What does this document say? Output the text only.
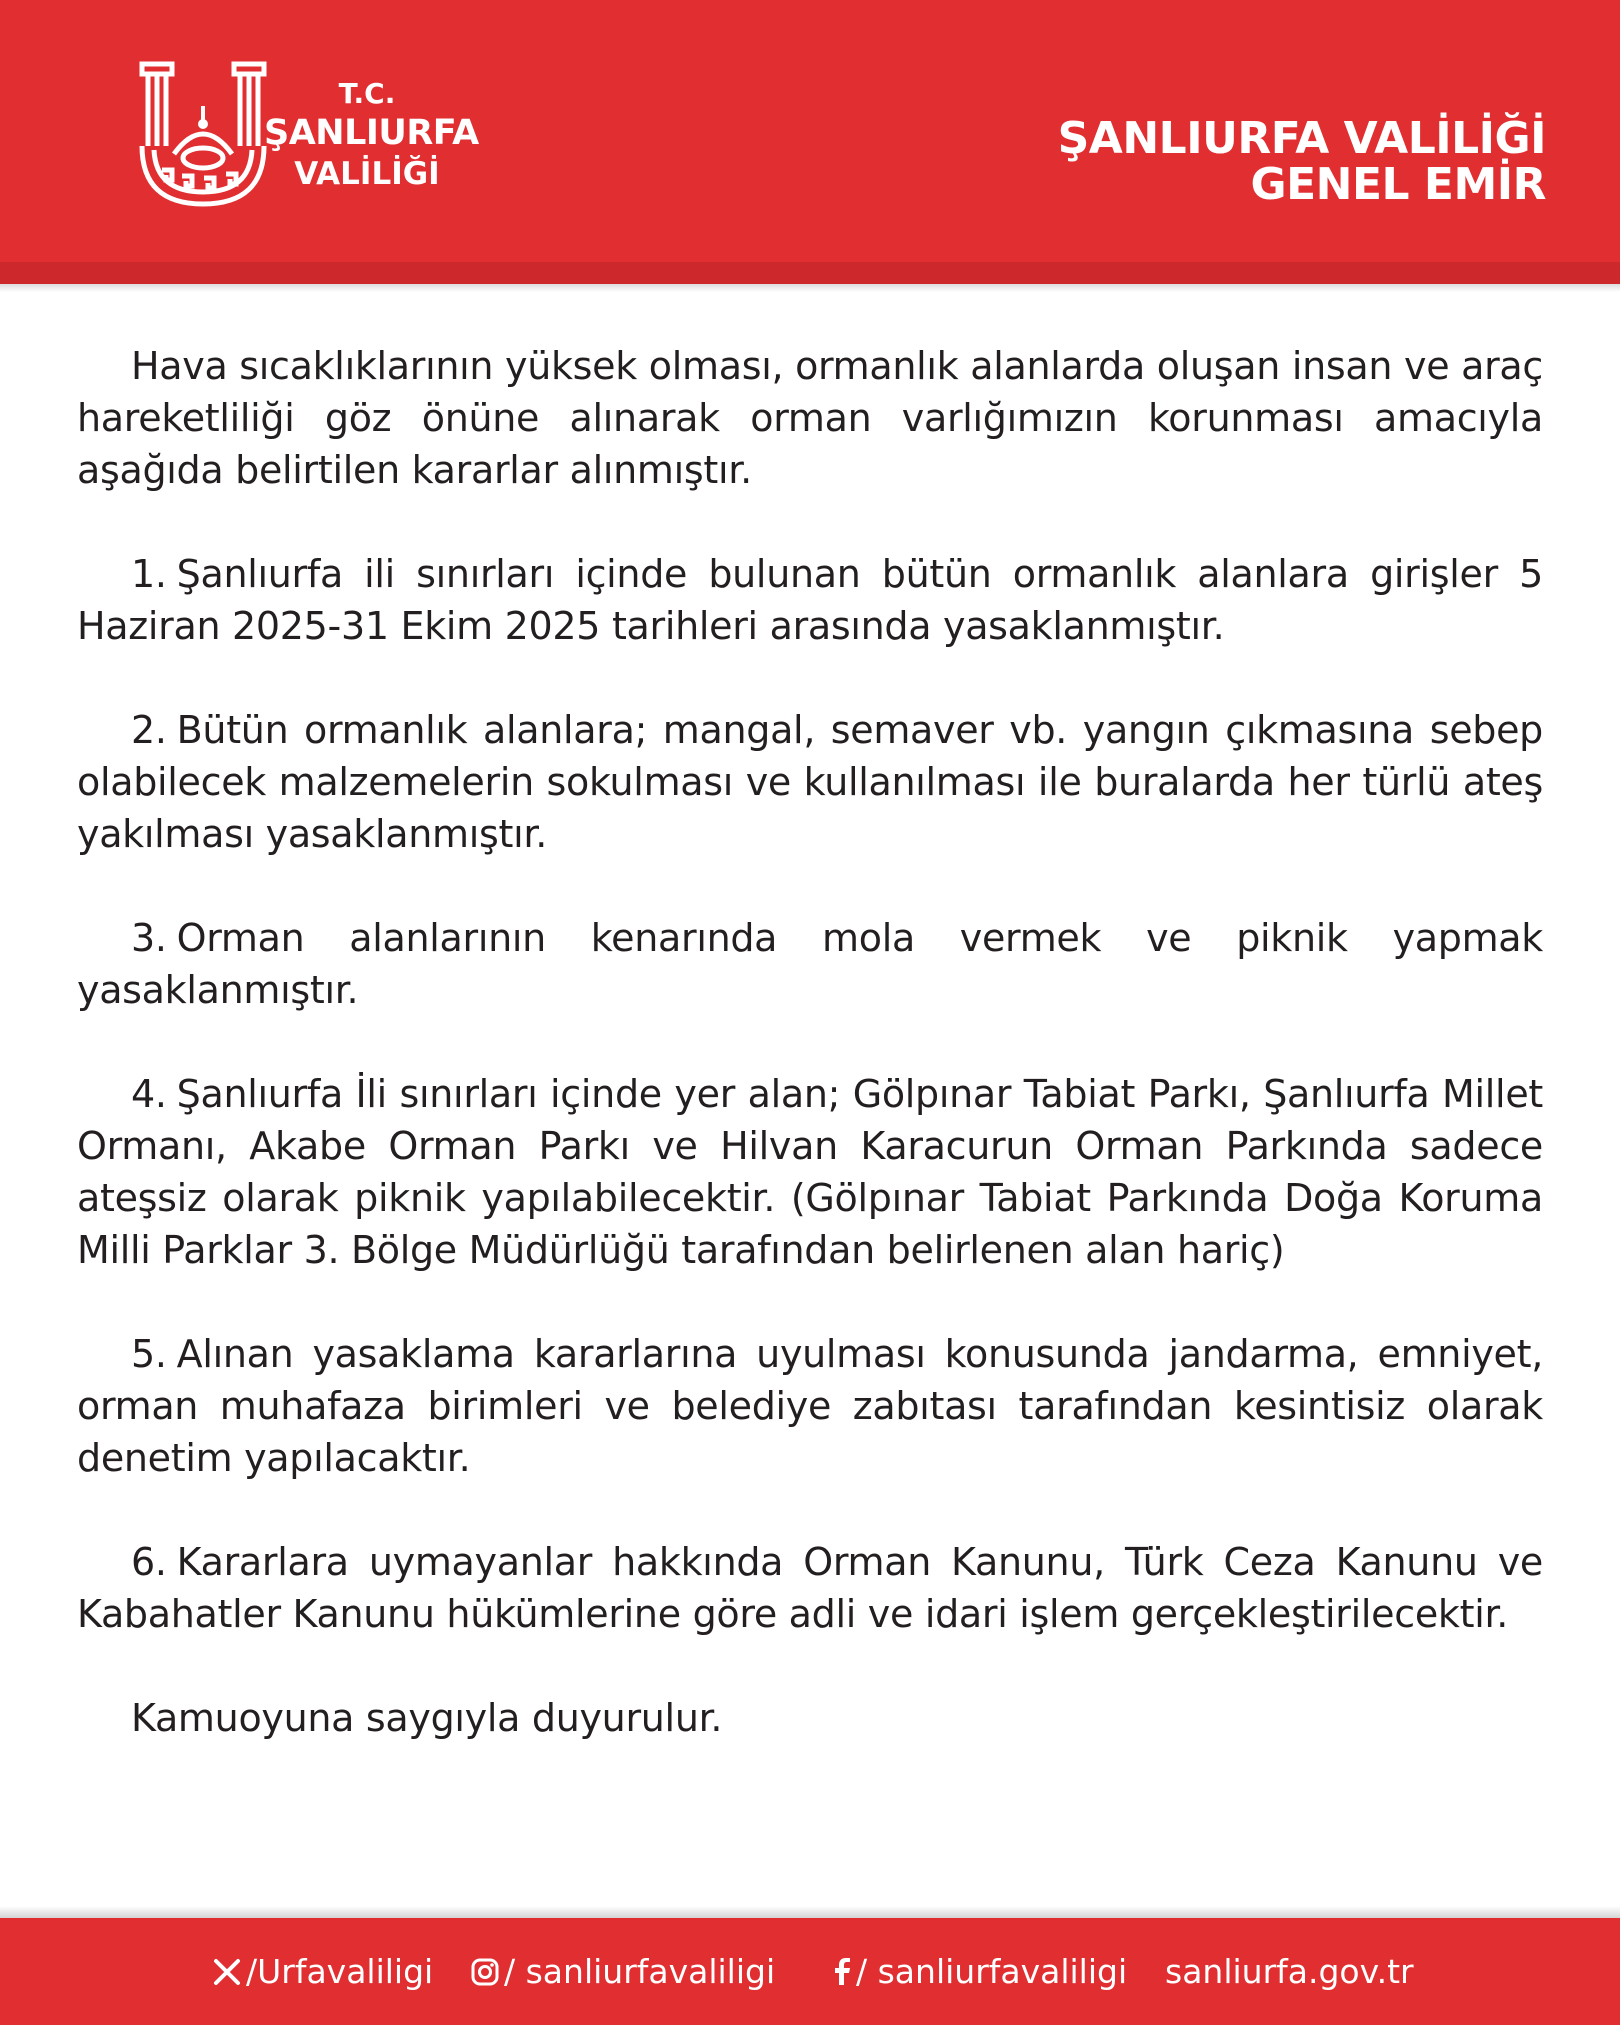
T.C.
ŞANLIURFA
VALİLİĞİ
ŞANLIURFA VALİLİĞİ
GENEL EMİR

Hava sıcaklıklarının yüksek olması, ormanlık alanlarda oluşan insan ve araç hareketliliği göz önüne alınarak orman varlığımızın korunması amacıyla aşağıda belirtilen kararlar alınmıştır.

1. Şanlıurfa ili sınırları içinde bulunan bütün ormanlık alanlara girişler 5 Haziran 2025-31 Ekim 2025 tarihleri arasında yasaklanmıştır.

2. Bütün ormanlık alanlara; mangal, semaver vb. yangın çıkmasına sebep olabilecek malzemelerin sokulması ve kullanılması ile buralarda her türlü ateş yakılması yasaklanmıştır.

3. Orman alanlarının kenarında mola vermek ve piknik yapmak yasaklanmıştır.

4. Şanlıurfa İli sınırları içinde yer alan; Gölpınar Tabiat Parkı, Şanlıurfa Millet Ormanı, Akabe Orman Parkı ve Hilvan Karacurun Orman Parkında sadece ateşsiz olarak piknik yapılabilecektir. (Gölpınar Tabiat Parkında Doğa Koruma Milli Parklar 3. Bölge Müdürlüğü tarafından belirlenen alan hariç)

5. Alınan yasaklama kararlarına uyulması konusunda jandarma, emniyet, orman muhafaza birimleri ve belediye zabıtası tarafından kesintisiz olarak denetim yapılacaktır.

6. Kararlara uymayanlar hakkında Orman Kanunu, Türk Ceza Kanunu ve Kabahatler Kanunu hükümlerine göre adli ve idari işlem gerçekleştirilecektir.

Kamuoyuna saygıyla duyurulur.

/Urfavaliligi / sanliurfavaliligi / sanliurfavaliligi sanliurfa.gov.tr
